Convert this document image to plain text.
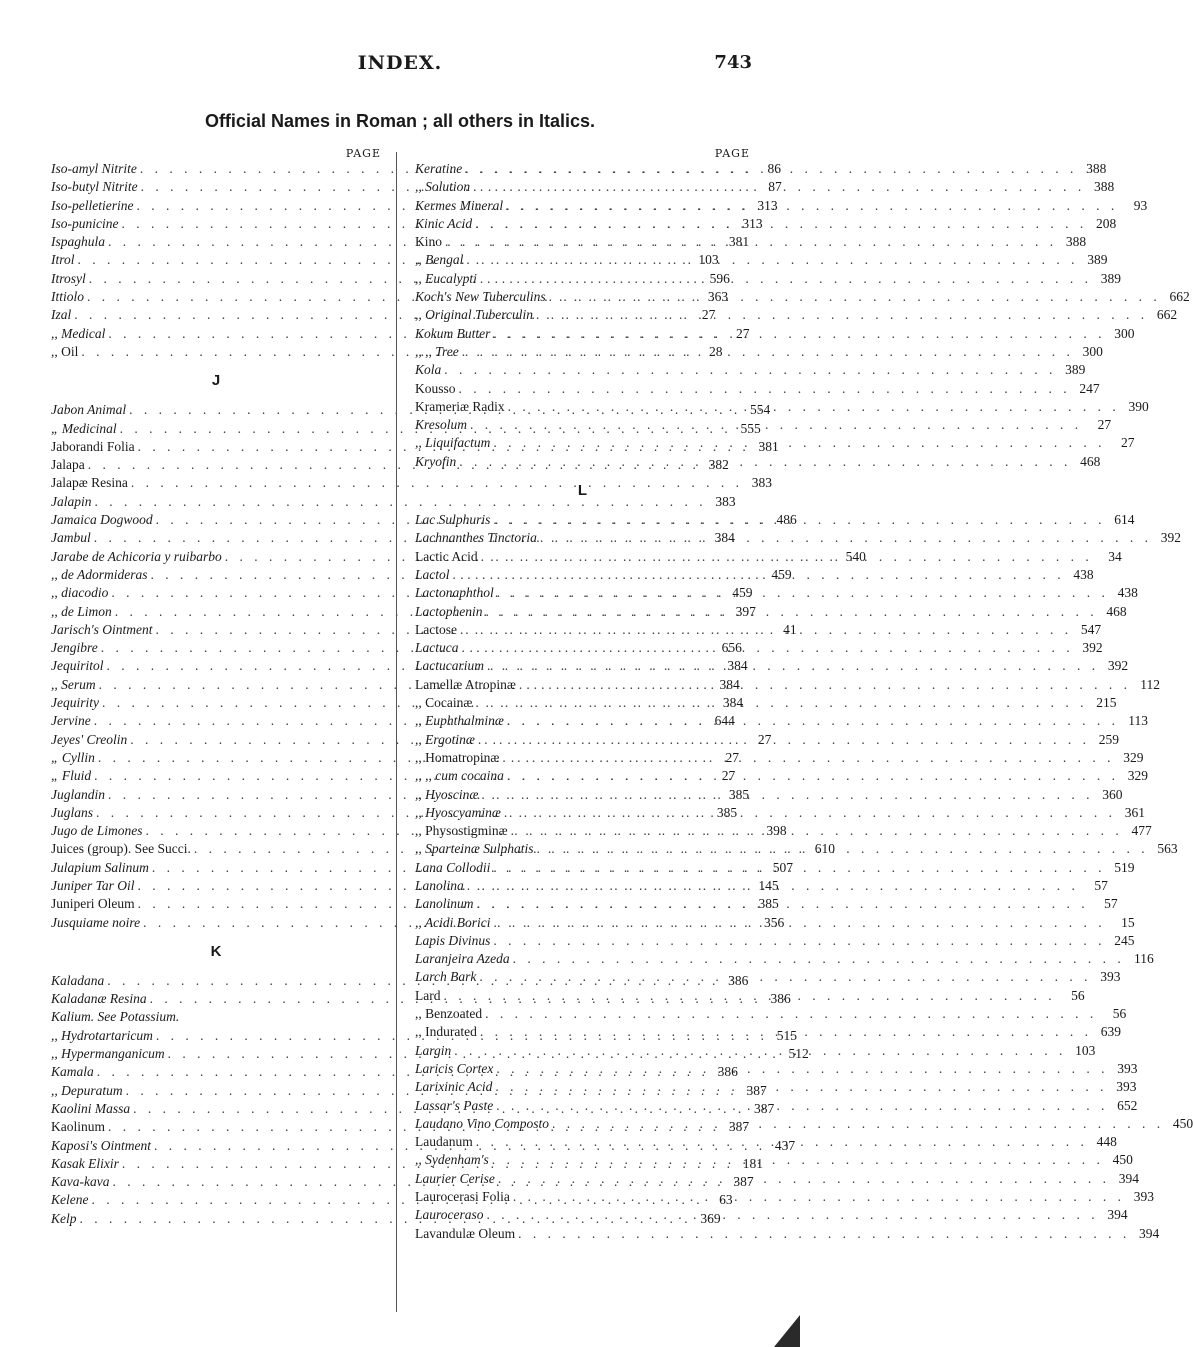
INDEX.	743
Official Names in Roman ; all others in Italics.
PAGE
Iso-amyl Nitrite . . .	86
Iso-butyl Nitrite . . .	87
Iso-pelletierine . . .	313
Iso-punicine . . .	313
Ispaghula . . .	381
Itrol . . .	103
Itrosyl . . .	596
Ittiolo . . .	363
Izal . . .	27
,, Medical . . .	27
,, Oil . . .	28
J
Jabon Animal . . .	554
„ Medicinal . . .	555
Jaborandi Folia . . .	381
Jalapa . . .	382
Jalapæ Resina . . .	383
Jalapin . . .	383
Jamaica Dogwood . . .	486
Jambul . . .	384
Jarabe de Achicoria y ruibarbo . . .	540
,, de Adormideras . . .	459
,, diacodio . . .	459
,, de Limon . . .	397
Jarisch's Ointment . . .	41
Jengibre . . .	656
Jequiritol . . .	384
,, Serum . . .	384
Jequirity . . .	384
Jervine . . .	644
Jeyes' Creolin . . .	27
„ Cyllin . . .	27
„ Fluid . . .	27
Juglandin . . .	385
Juglans . . .	385
Jugo de Limones . . .	398
Juices (group). See Succi. . . .	610
Julapium Salinum . . .	507
Juniper Tar Oil . . .	145
Juniperi Oleum . . .	385
Jusquiame noire . . .	356
K
Kaladana . . .	386
Kaladanæ Resina . . .	386
Kalium. See Potassium.
,, Hydrotartaricum . . .	515
,, Hypermanganicum . . .	512
Kamala . . .	386
,, Depuratum . . .	387
Kaolini Massa . . .	387
Kaolinum . . .	387
Kaposi's Ointment . . .	437
Kasak Elixir . . .	181
Kava-kava . . .	387
Kelene . . .	63
Kelp . . .	369
PAGE
Keratine . . .	388
,, Solution . . .	388
Kermes Mineral . . .	93
Kinic Acid . . .	208
Kino . . .	388
,, Bengal . . .	389
,, Eucalypti . . .	389
Koch's New Tuberculins . . .	662
,, Original Tuberculin . . .	662
Kokum Butter . . .	300
,, ,, Tree . . .	300
Kola . . .	389
Kousso . . .	247
Krameriæ Radix . . .	390
Kresolum . . .	27
,, Liquifactum . . .	27
Kryofin . . .	468
L
Lac Sulphuris . . .	614
Lachnanthes Tinctoria . . .	392
Lactic Acid . . .	34
Lactol . . .	438
Lactonaphthol . . .	438
Lactophenin . . .	468
Lactose . . .	547
Lactuca . . .	392
Lactucarium . . .	392
Lamellæ Atropinæ . . .	112
,, Cocainæ . . .	215
,, Euphthalminæ . . .	113
,, Ergotinæ . . .	259
,, Homatropinæ . . .	329
,, ,, cum cocaina . . .	329
,, Hyoscinæ . . .	360
,, Hyoscyaminæ . . .	361
,, Physostigminæ . . .	477
,, Sparteinæ Sulphatis . . .	563
Lana Collodii . . .	519
Lanolina . . .	57
Lanolinum . . .	57
,, Acidi Borici . . .	15
Lapis Divinus . . .	245
Laranjeira Azeda . . .	116
Larch Bark . . .	393
Lard . . .	56
,, Benzoated . . .	56
,, Indurated . . .	639
Largin . . .	103
Laricis Cortex . . .	393
Larixinic Acid . . .	393
Lassar's Paste . . .	652
Laudano Vino Composto . . .	450
Laudanum . . .	448
,, Sydenham's . . .	450
Laurier Cerise . . .	394
Laurocerasi Folia . . .	393
Lauroceraso . . .	394
Lavandulæ Oleum . . .	394
